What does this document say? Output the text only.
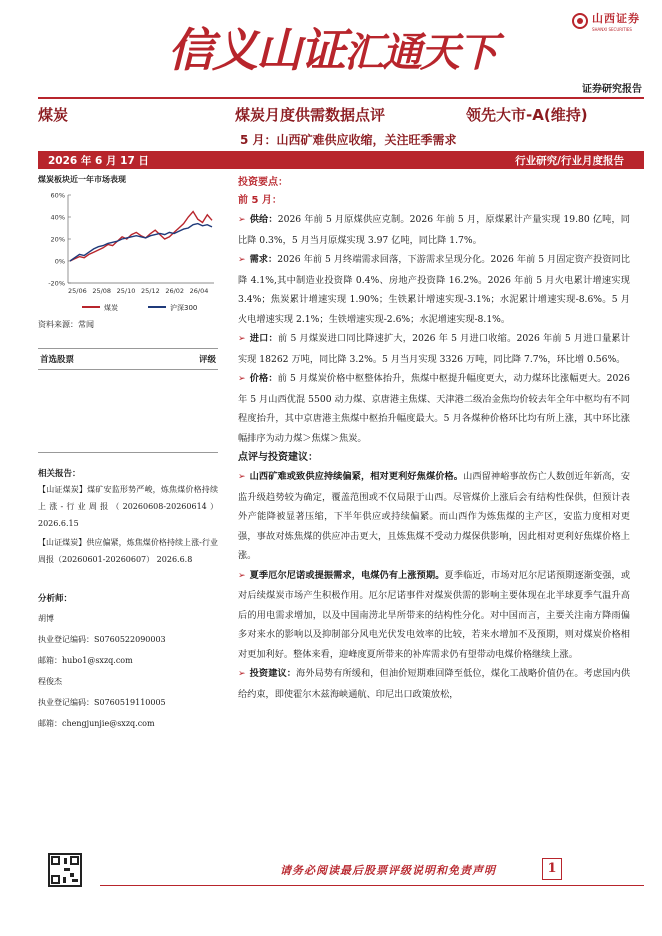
山西证券
SHANXI SECURITIES
信义山证汇通天下
证券研究报告
煤炭	煤炭月度供需数据点评	领先大市-A(维持)
5 月：山西矿难供应收缩，关注旺季需求
2026 年 6 月 17 日	行业研究/行业月度报告
煤炭板块近一年市场表现
60%
40%
20%
0%
-20%
25/06 25/08 25/10 25/12 26/02 26/04
煤炭	沪深300
资料来源：常闻
首选股票	评级
相关报告：
【山证煤炭】煤矿安监形势严峻，炼焦煤价格持续上涨-行业周报（20260608-20260614） 2026.6.15
【山证煤炭】供应偏紧，炼焦煤价格持续上涨-行业周报（20260601-20260607） 2026.6.8
分析师：
胡博
执业登记编码：S0760522090003
邮箱：hubo1@sxzq.com
程俊杰
执业登记编码：S0760519110005
邮箱：chengjunjie@sxzq.com
投资要点：
前 5 月：

➢ 供给：2026 年前 5 月原煤供应克制。2026 年前 5 月，原煤累计产量实现 19.80 亿吨，同比降 0.3%，5 月当月原煤实现 3.97 亿吨，同比降 1.7%。

➢ 需求：2026 年前 5 月终端需求回落，下游需求呈现分化。2026 年前 5 月固定资产投资同比降 4.1%,其中制造业投资降 0.4%、房地产投资降 16.2%。2026 年前 5 月火电累计增速实现 3.4%；焦炭累计增速实现 1.90%；生铁累计增速实现-3.1%；水泥累计增速实现-8.6%。5 月火电增速实现 2.1%；生铁增速实现-2.6%；水泥增速实现-8.1%。

➢ 进口：前 5 月煤炭进口同比降速扩大，2026 年 5 月进口收缩。2026 年前 5 月进口量累计实现 18262 万吨，同比降 3.2%。5 月当月实现 3326 万吨，同比降 7.7%，环比增 0.56%。

➢ 价格：前 5 月煤炭价格中枢整体抬升，焦煤中枢提升幅度更大，动力煤环比涨幅更大。2026 年 5 月山西优混 5500 动力煤、京唐港主焦煤、天津港二级冶金焦均价较去年全年中枢均有不同程度抬升，其中京唐港主焦煤中枢抬升幅度最大。5 月各煤种价格环比均有所上涨，其中环比涨幅排序为动力煤＞焦煤＞焦炭。

点评与投资建议：

➢ 山西矿难或致供应持续偏紧，相对更利好焦煤价格。山西留神峪事故伤亡人数创近年新高，安监升级趋势较为确定，覆盖范围或不仅局限于山西。尽管煤价上涨后会有结构性保供，但预计表外产能降被显著压缩，下半年供应或持续偏紧。而山西作为炼焦煤的主产区，安监力度相对更强，事故对炼焦煤的供应冲击更大，且炼焦煤不受动力煤保供影响，因此相对更利好焦煤价格上涨。

➢ 夏季厄尔尼诺或提振需求，电煤仍有上涨预期。夏季临近，市场对厄尔尼诺预期逐渐变强，或对后续煤炭市场产生积极作用。厄尔尼诺事件对煤炭供需的影响主要体现在北半球夏季气温升高后的用电需求增加，以及中国南涝北旱所带来的结构性分化。对中国而言，主要关注南方降雨偏多对来水的影响以及抑制部分风电光伏发电效率的比较，若来水增加不及预期，则对煤炭价格相对更加利好。整体来看，迎峰度夏所带来的补库需求仍有望带动电煤价格继续上涨。

➢ 投资建议：海外局势有所缓和，但油价短期难回降至低位，煤化工战略价值仍在。考虑国内供给约束，即使霍尔木兹海峡通航、印尼出口政策放松，

请务必阅读最后股票评级说明和免责声明	1
